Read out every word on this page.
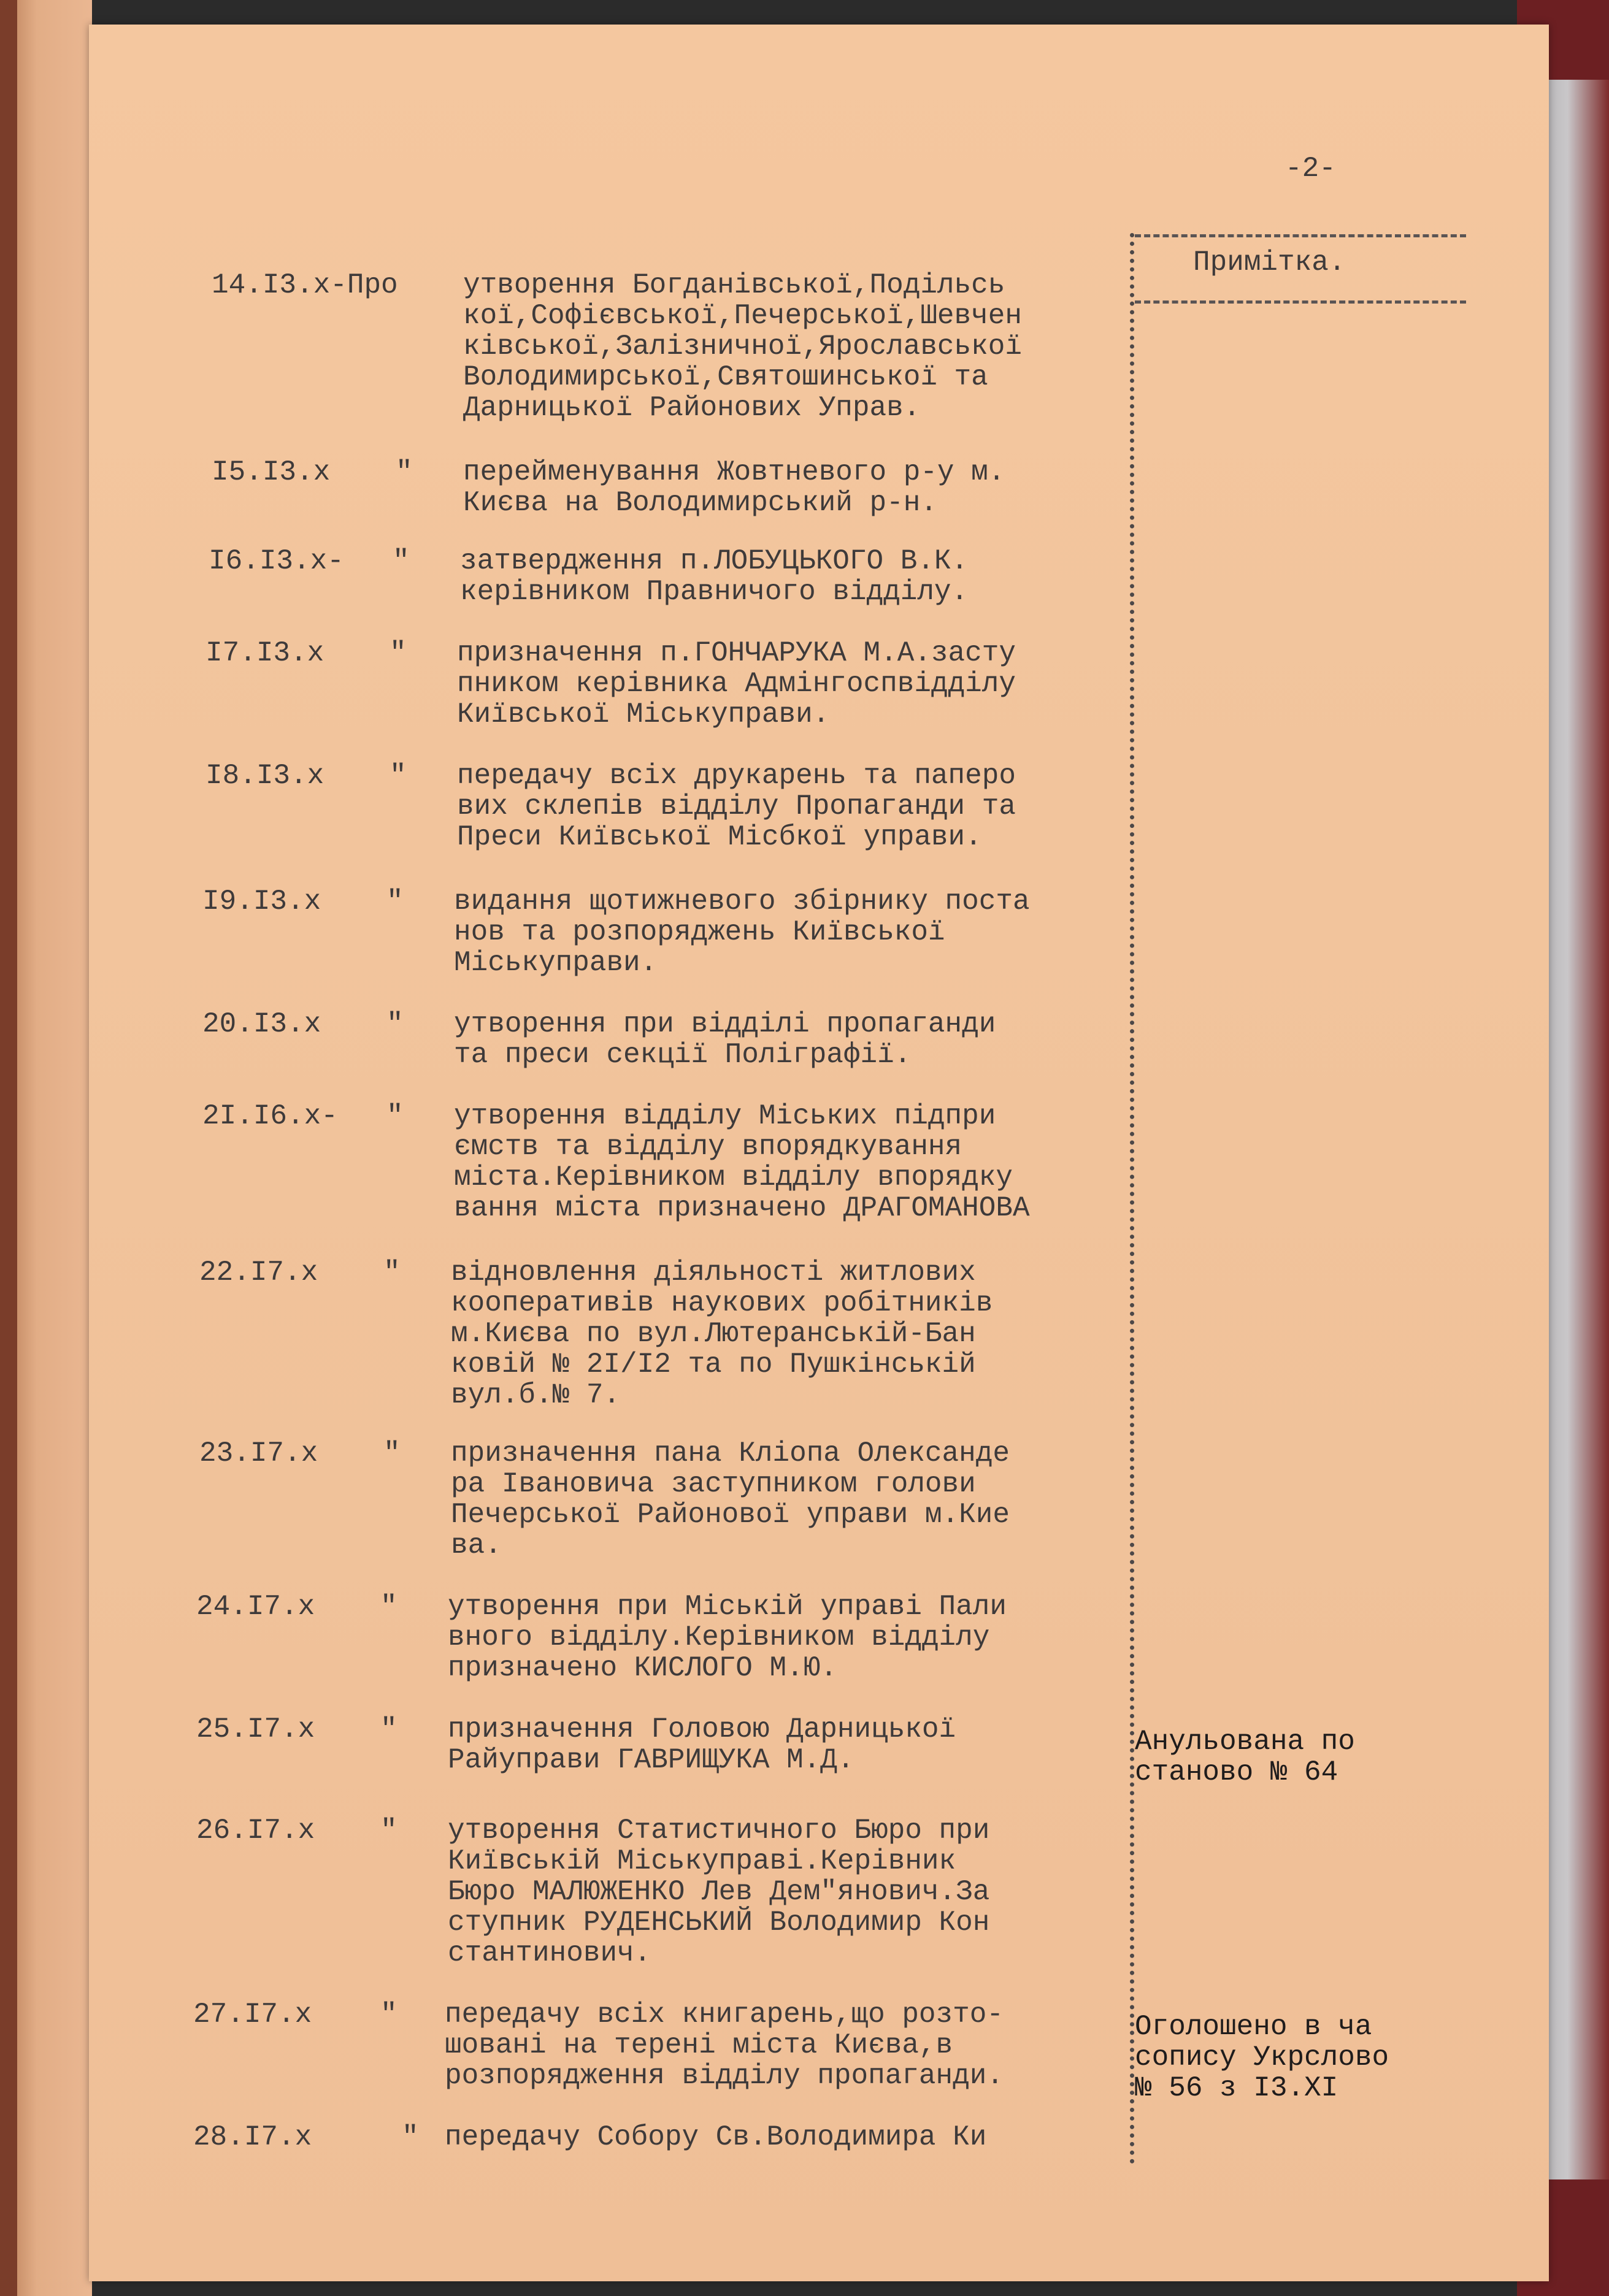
-2-
Примітка.
14.I3.x-Про утворення Богданівської,Подільсь
кої,Софієвської,Печерської,Шевчен
ківської,Залізничної,Ярославської
Володимирської,Святошинської та
Дарницької Районових Управ.
I5.I3.x " перейменування Жовтневого р-у м.
Києва на Володимирський р-н.
I6.I3.x- " затвердження п.ЛОБУЦЬКОГО В.К.
керівником Правничого відділу.
I7.I3.x " призначення п.ГОНЧАРУКА М.А.засту
пником керівника Адмінгоспвідділу
Київської Міськуправи.
I8.I3.x " передачу всіх друкарень та паперо
вих склепів відділу Пропаганди та
Преси Київської Місбкої управи.
I9.I3.x " видання щотижневого збірнику поста
нов та розпоряджень Київської
Міськуправи.
20.I3.x " утворення при відділі пропаганди
та преси секції Поліграфії.
2I.I6.x- " утворення відділу Міських підпри
ємств та відділу впорядкування
міста.Керівником відділу впорядку
вання міста призначено ДРАГОМАНОВА
22.I7.x " відновлення діяльності житлових
кооперативів наукових робітників
м.Києва по вул.Лютеранській-Бан
ковій № 2I/I2 та по Пушкінській
вул.б.№ 7.
23.I7.x " призначення пана Кліопа Олександе
ра Івановича заступником голови
Печерської Районової управи м.Кие
ва.
24.I7.x " утворення при Міській управі Пали
вного відділу.Керівником відділу
призначено КИСЛОГО М.Ю.
25.I7.x " призначення Головою Дарницької
Райуправи ГАВРИЩУКА М.Д.
Анульована по
станово № 64
26.I7.x " утворення Статистичного Бюро при
Київській Міськуправі.Керівник
Бюро МАЛЮЖЕНКО Лев Дем"янович.За
ступник РУДЕНСЬКИЙ Володимир Кон
стантинович.
27.I7.x " передачу всіх книгарень,що розто-
шовані на терені міста Києва,в
розпорядження відділу пропаганди.
Оголошено в ча
сопису Укрслово
№ 56 з I3.XI
28.I7.x	" передачу Собору Св.Володимира Ки
